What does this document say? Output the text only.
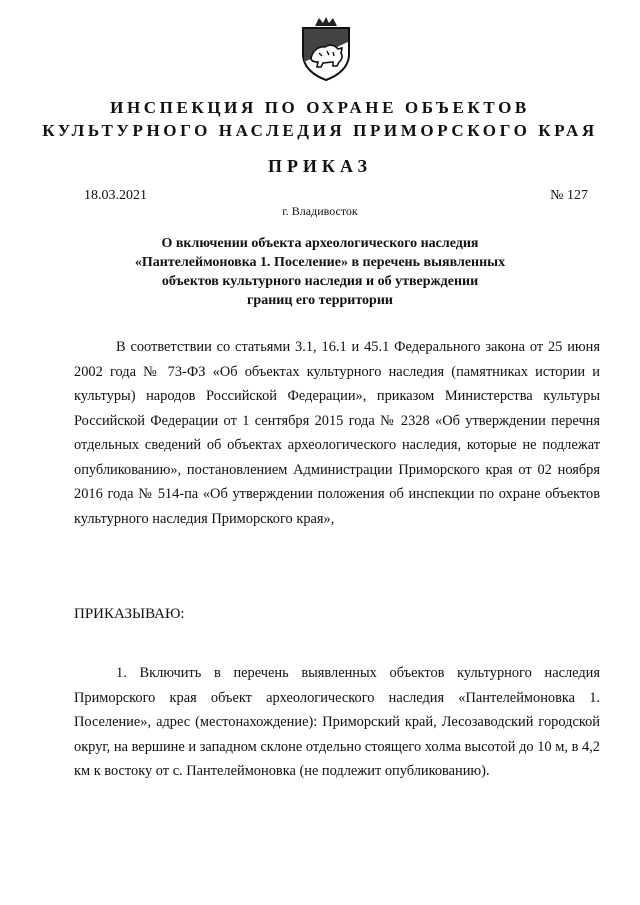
ИНСПЕКЦИЯ ПО ОХРАНЕ ОБЪЕКТОВ
КУЛЬТУРНОГО НАСЛЕДИЯ ПРИМОРСКОГО КРАЯ
ПРИКАЗ
18.03.2021	№ 127
г. Владивосток
О включении объекта археологического наследия
«Пантелеймоновка 1. Поселение» в перечень выявленных
объектов культурного наследия и об утверждении
границ его территории
В соответствии со статьями 3.1, 16.1 и 45.1 Федерального закона от 25 июня 2002 года № 73-ФЗ «Об объектах культурного наследия (памятниках истории и культуры) народов Российской Федерации», приказом Министерства культуры Российской Федерации от 1 сентября 2015 года № 2328 «Об утверждении перечня отдельных сведений об объектах археологического наследия, которые не подлежат опубликованию», постановлением Администрации Приморского края от 02 ноября 2016 года № 514-па «Об утверждении положения об инспекции по охране объектов культурного наследия Приморского края»,
ПРИКАЗЫВАЮ:
1. Включить в перечень выявленных объектов культурного наследия Приморского края объект археологического наследия «Пантелеймоновка 1. Поселение», адрес (местонахождение): Приморский край, Лесозаводский городской округ, на вершине и западном склоне отдельно стоящего холма высотой до 10 м, в 4,2 км к востоку от с. Пантелеймоновка (не подлежит опубликованию).
